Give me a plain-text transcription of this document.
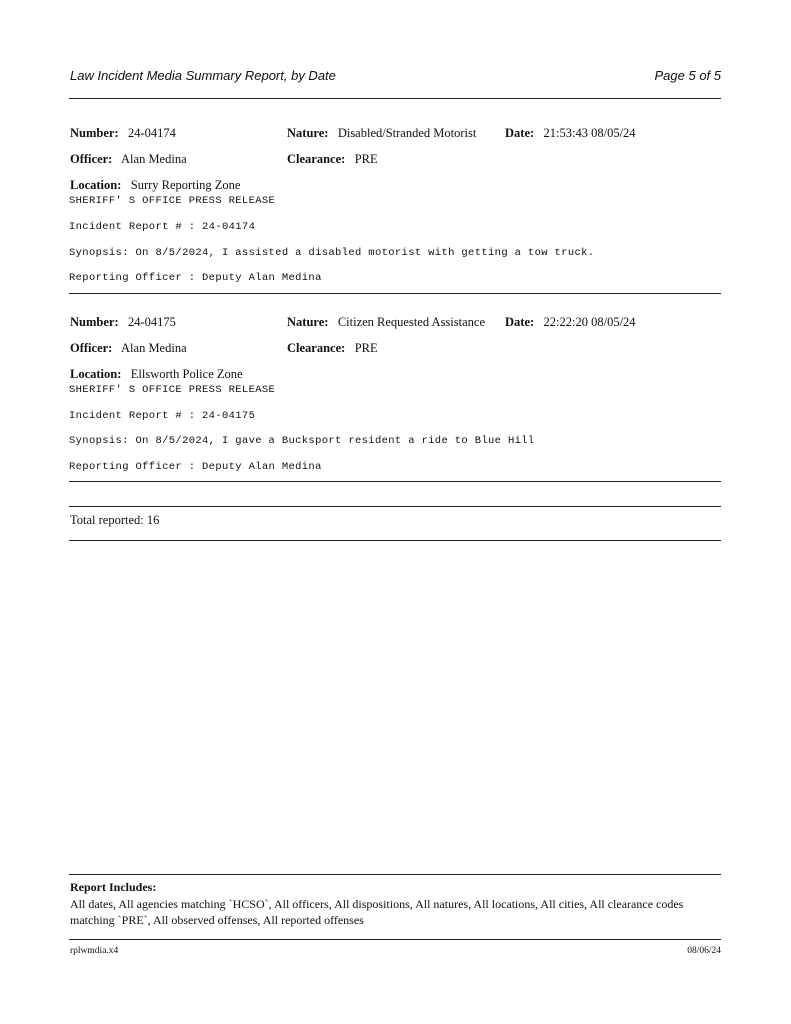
Law Incident Media Summary Report, by Date	Page 5 of 5
Number: 24-04174	Nature: Disabled/Stranded Motorist Date: 21:53:43 08/05/24
Officer: Alan Medina	Clearance: PRE
Location: Surry Reporting Zone
SHERIFF' S OFFICE PRESS RELEASE
Incident Report # : 24-04174
Synopsis: On 8/5/2024, I assisted a disabled motorist with getting a tow truck.
Reporting Officer : Deputy Alan Medina
Number: 24-04175	Nature: Citizen Requested Assistance Date: 22:22:20 08/05/24
Officer: Alan Medina	Clearance: PRE
Location: Ellsworth Police Zone
SHERIFF' S OFFICE PRESS RELEASE
Incident Report # : 24-04175
Synopsis: On 8/5/2024, I gave a Bucksport resident a ride to Blue Hill
Reporting Officer : Deputy Alan Medina
Total reported: 16
Report Includes:
All dates, All agencies matching `HCSO`, All officers, All dispositions, All natures, All locations, All cities, All clearance codes matching `PRE`, All observed offenses, All reported offenses
rplwmdia.x4	08/06/24
